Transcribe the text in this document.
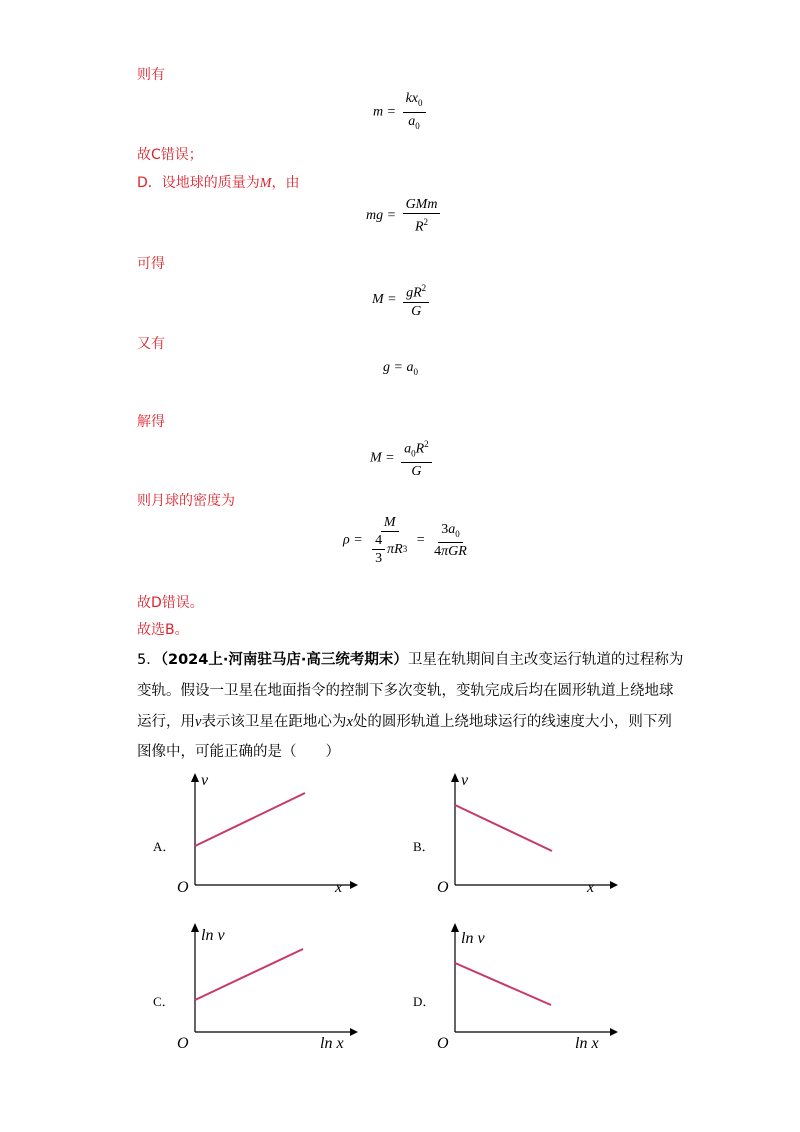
则有
$m = \frac{kx_0}{a_0}$
故C错误；
D．设地球的质量为M，由
mg = $\frac{\text{GMm}}{R^2}$
可得
$M = \frac{gR^2}{G}$
又有
$g = a_0$
解得
$M = \frac{a_0R^2}{G}$
则月球的密度为
$\rho = \frac{M}{\frac{4}{3} \pi R 3} = \frac{3a_0}{\text{4πGR}}$
故D错误。
故选B。
5．（2024上·河南驻马店·高三统考期末）卫星在轨期间自主改变运行轨道的过程称为
变轨。假设一卫星在地面指令的控制下多次变轨，变轨完成后均在圆形轨道上绕地球
运行，用v表示该卫星在距地心为x处的圆形轨道上绕地球运行的线速度大小，则下列
图像中，可能正确的是（　　）
A．
v
x
O
B．
v
x
O
C．
ln v
ln x
O
D．
ln v
ln x
O
